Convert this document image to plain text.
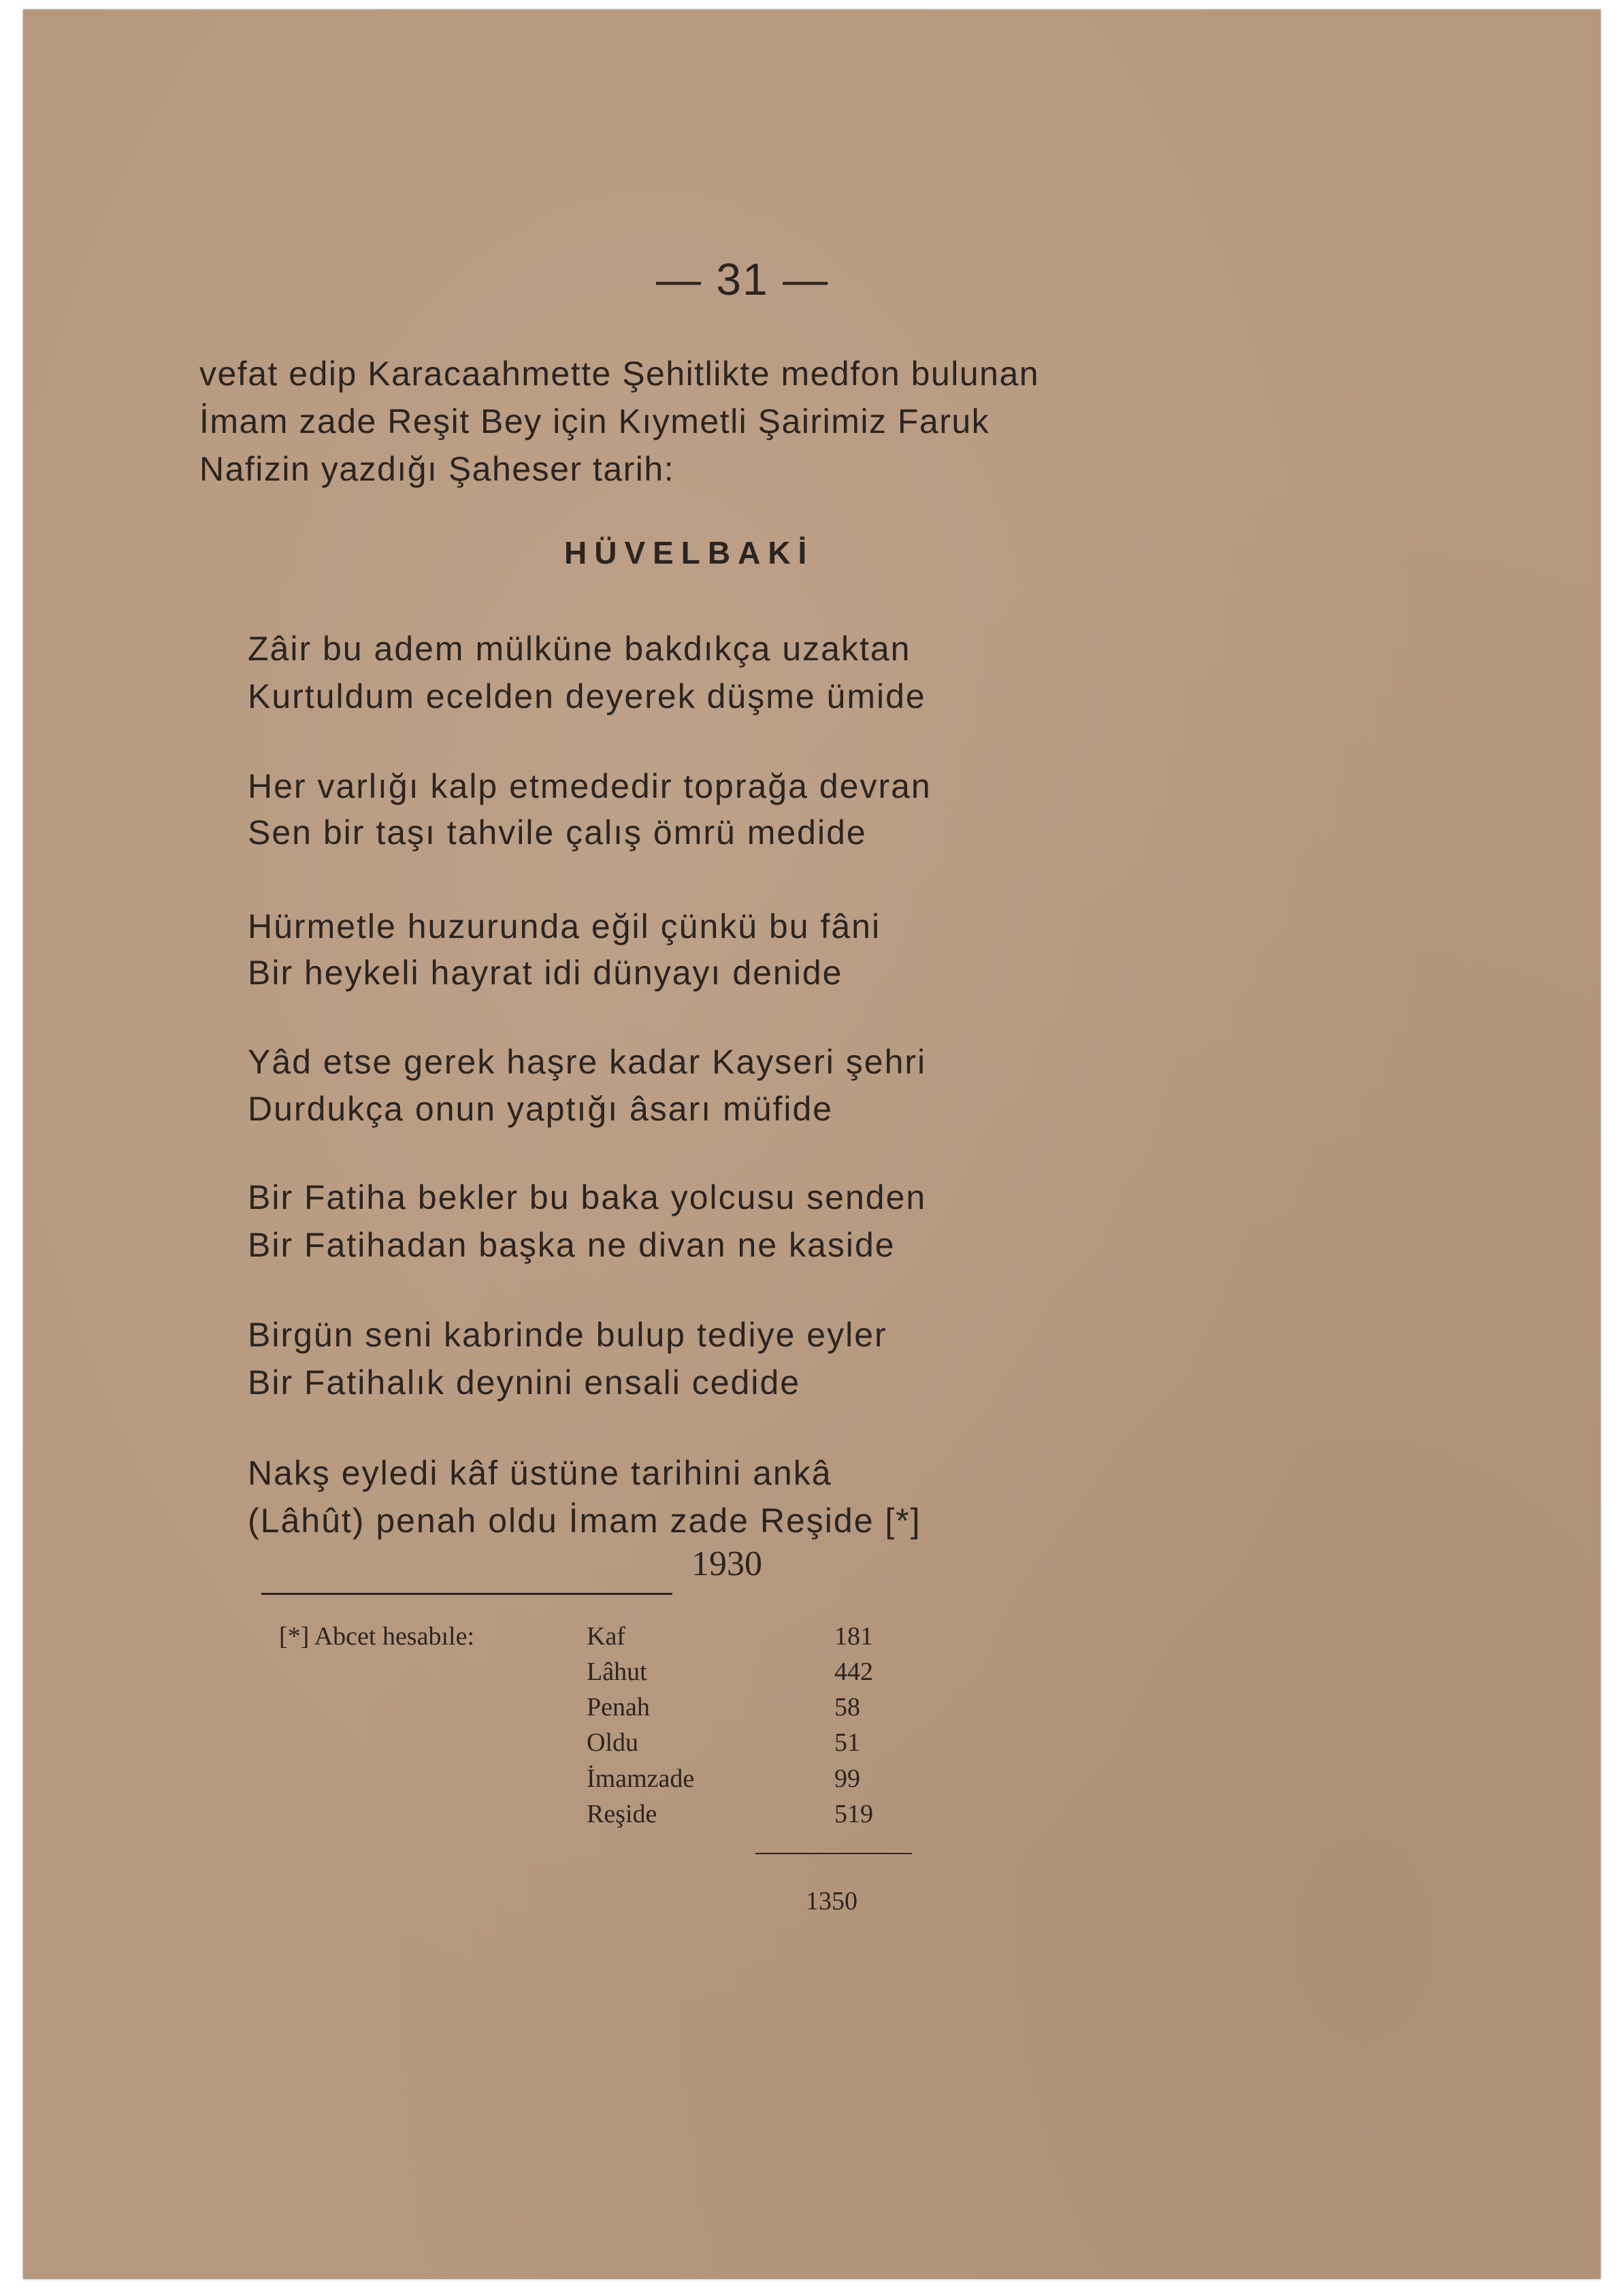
— 31 —
vefat edip Karacaahmette Şehitlikte medfon bulunan
İmam zade Reşit Bey için Kıymetli Şairimiz Faruk
Nafizin yazdığı Şaheser tarih:
HÜVELBAKİ
Zâir bu adem mülküne bakdıkça uzaktan
Kurtuldum ecelden deyerek düşme ümide
Her varlığı kalp etmededir toprağa devran
Sen bir taşı tahvile çalış ömrü medide
Hürmetle huzurunda eğil çünkü bu fâni
Bir heykeli hayrat idi dünyayı denide
Yâd etse gerek haşre kadar Kayseri şehri
Durdukça onun yaptığı âsarı müfide
Bir Fatiha bekler bu baka yolcusu senden
Bir Fatihadan başka ne divan ne kaside
Birgün seni kabrinde bulup tediye eyler
Bir Fatihalık deynini ensali cedide
Nakş eyledi kâf üstüne tarihini ankâ
(Lâhût) penah oldu İmam zade Reşide [*]
1930
[*] Abcet hesabıle:	Kaf	181
Lâhut	442
Penah	58
Oldu	51
İmamzade	99
Reşide	519
1350
